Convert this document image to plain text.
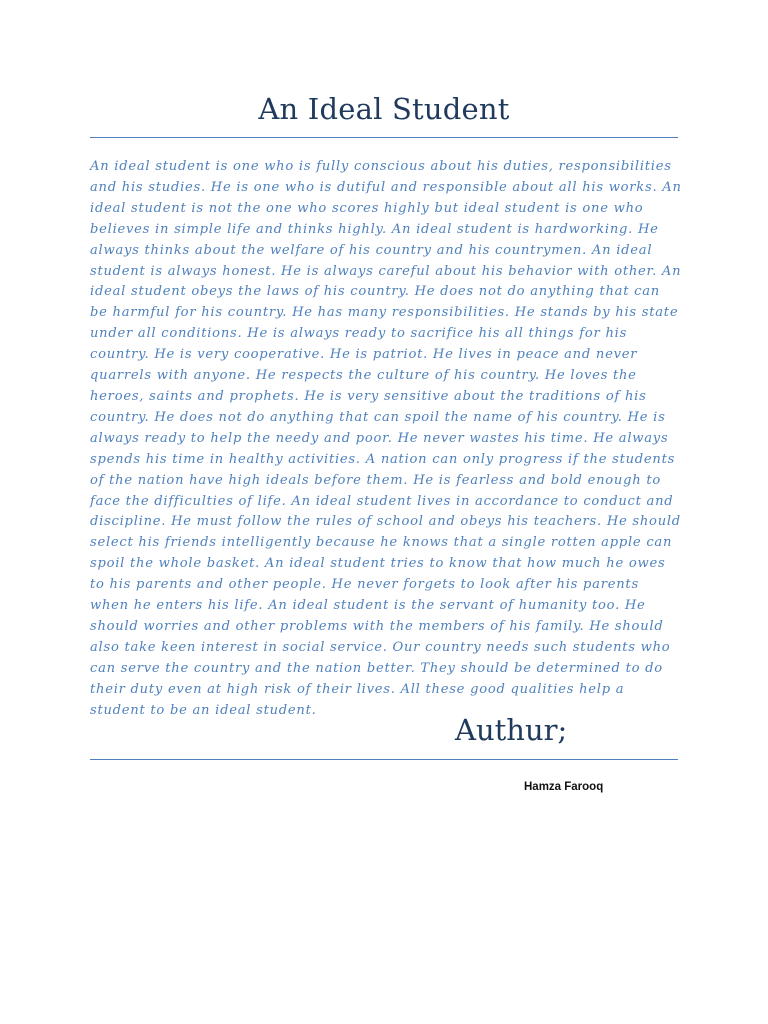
An Ideal Student

An ideal student is one who is fully conscious about his duties, responsibilities and his studies. He is one who is dutiful and responsible about all his works. An ideal student is not the one who scores highly but ideal student is one who believes in simple life and thinks highly. An ideal student is hardworking. He always thinks about the welfare of his country and his countrymen. An ideal student is always honest. He is always careful about his behavior with other. An ideal student obeys the laws of his country. He does not do anything that can be harmful for his country. He has many responsibilities. He stands by his state under all conditions. He is always ready to sacrifice his all things for his country. He is very cooperative. He is patriot. He lives in peace and never quarrels with anyone. He respects the culture of his country. He loves the heroes, saints and prophets. He is very sensitive about the traditions of his country. He does not do anything that can spoil the name of his country. He is always ready to help the needy and poor. He never wastes his time. He always spends his time in healthy activities. A nation can only progress if the students of the nation have high ideals before them. He is fearless and bold enough to face the difficulties of life. An ideal student lives in accordance to conduct and discipline. He must follow the rules of school and obeys his teachers. He should select his friends intelligently because he knows that a single rotten apple can spoil the whole basket. An ideal student tries to know that how much he owes to his parents and other people. He never forgets to look after his parents when he enters his life. An ideal student is the servant of humanity too. He should worries and other problems with the members of his family. He should also take keen interest in social service. Our country needs such students who can serve the country and the nation better. They should be determined to do their duty even at high risk of their lives. All these good qualities help a student to be an ideal student.

Authur;

Hamza Farooq
